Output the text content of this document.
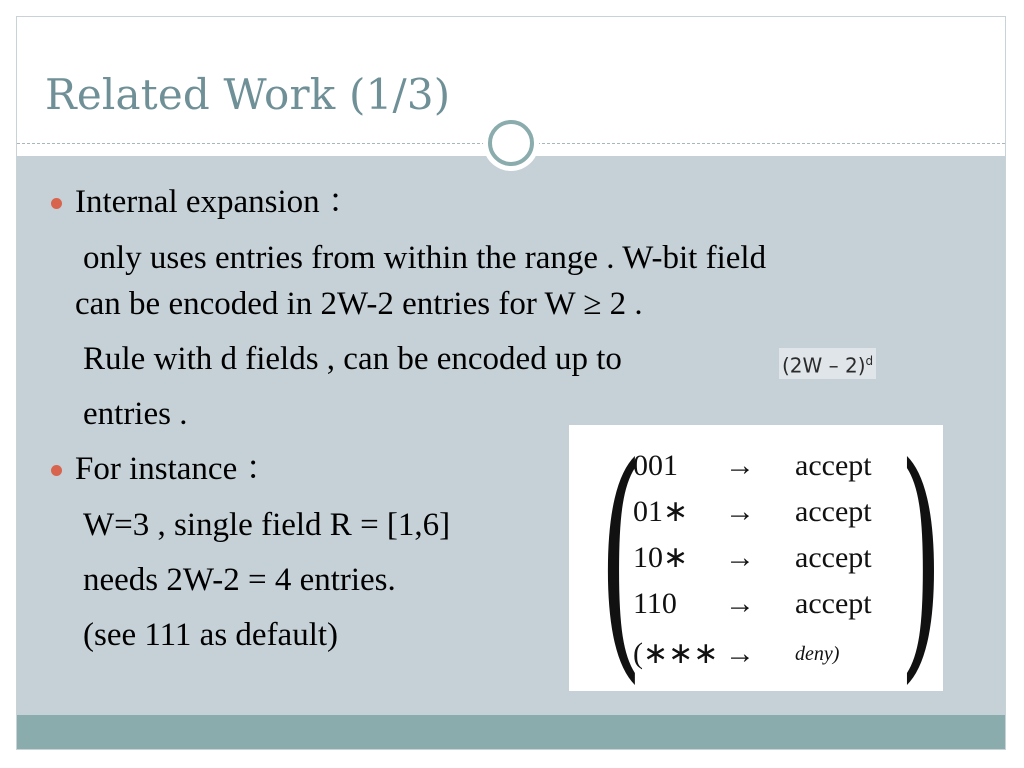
Related Work (1/3)
Internal expansion ：
only uses entries from within the range . W-bit field
can be encoded in 2W-2 entries for W ≥ 2 .
Rule with d fields , can be encoded up to	(2W – 2)$^d$
entries .
For instance ：
W=3 , single field R = [1,6]
needs 2W-2 = 4 entries.
(see 111 as default) ( )
001	→	accept
01∗	→	accept
10∗	→	accept
110	→	accept
(∗∗∗ →	deny)
